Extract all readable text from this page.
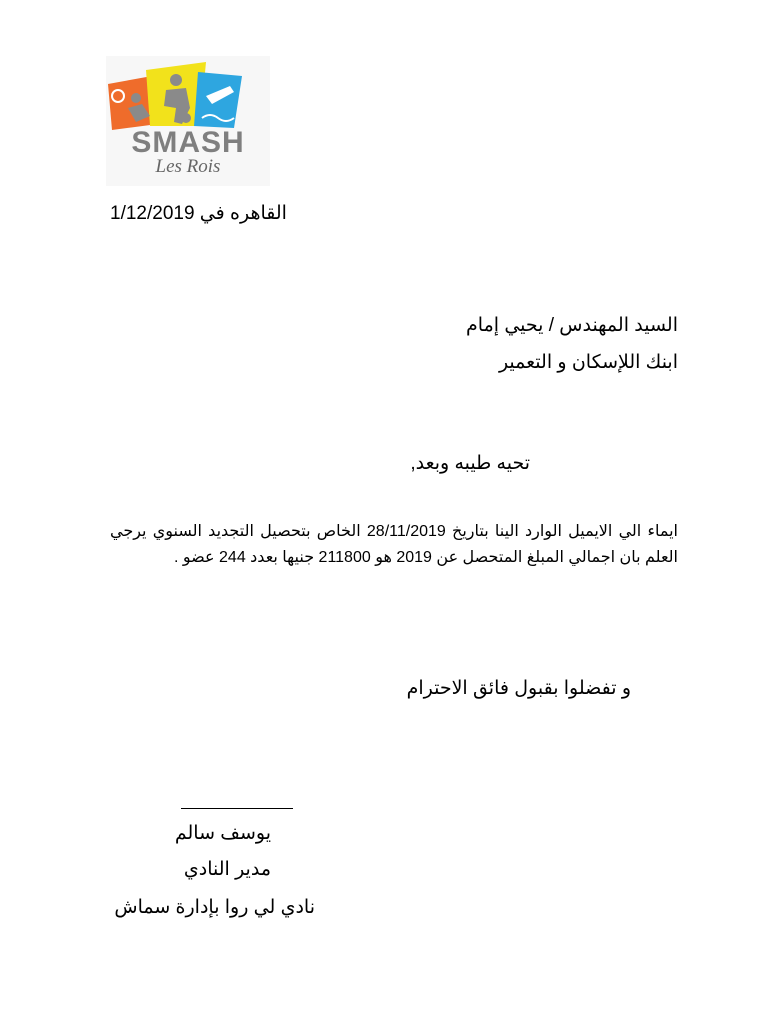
SMASH
Les Rois
القاهره في 1/12/2019
السيد المهندس / يحيي إمام
ابنك اللإسكان و التعمير
تحيه طيبه وبعد,
ايماء الي الايميل الوارد الينا بتاريخ 28/11/2019 الخاص بتحصيل التجديد السنوي يرجي العلم بان اجمالي المبلغ المتحصل عن 2019 هو 211800 جنيها بعدد 244 عضو .
و تفضلوا بقبول فائق الاحترام
يوسف سالم
مدير النادي
نادي لي روا بإدارة سماش
